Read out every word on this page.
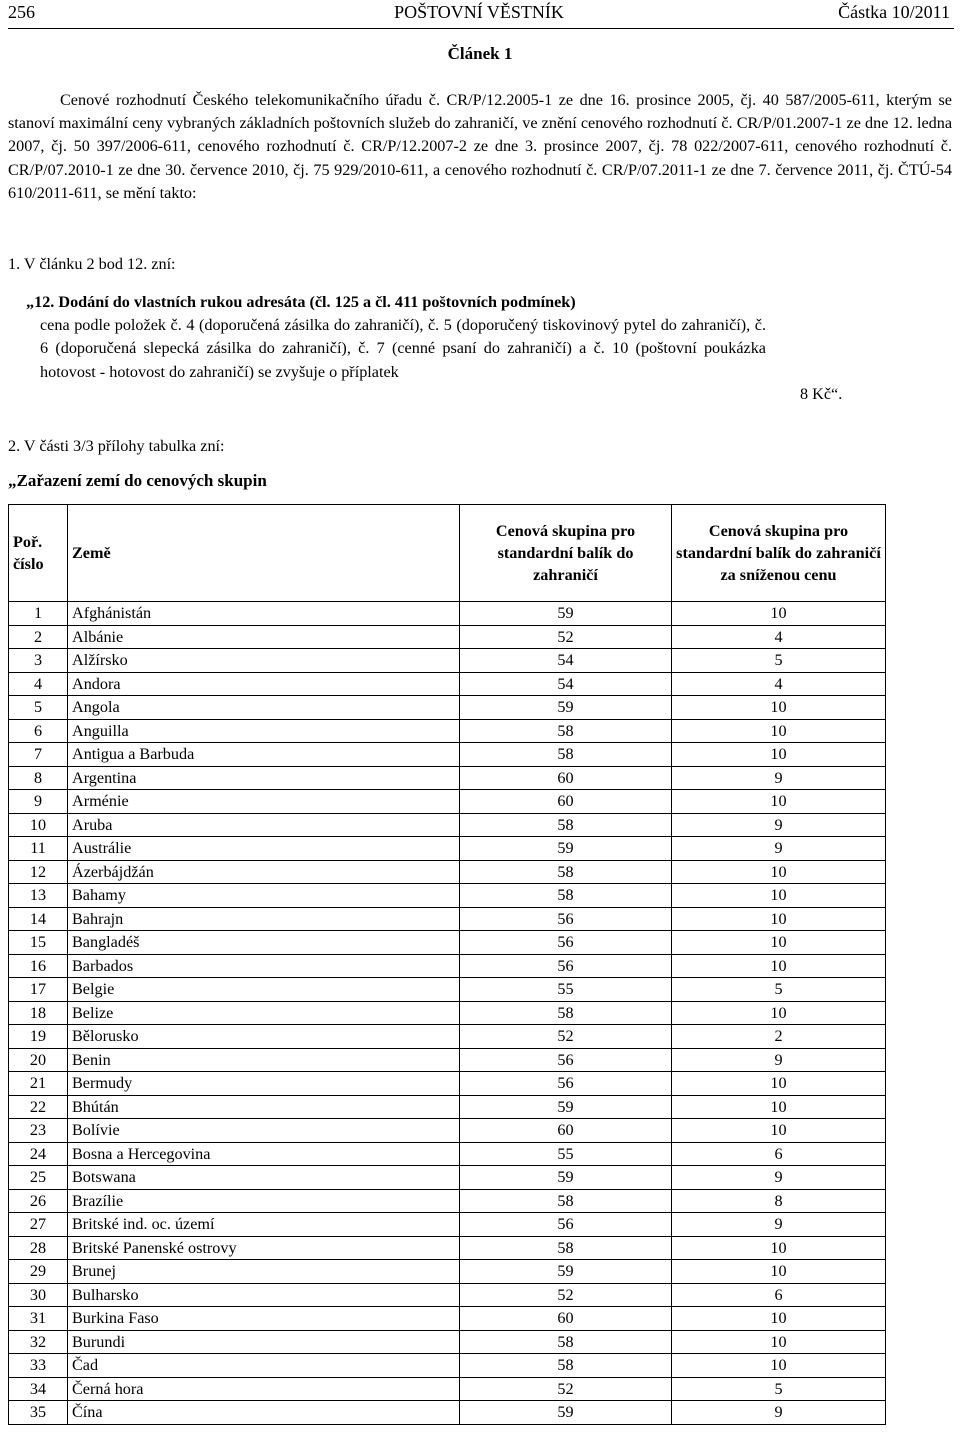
256	POŠTOVNÍ VĚSTNÍK	Částka 10/2011
Článek 1
Cenové rozhodnutí Českého telekomunikačního úřadu č. CR/P/12.2005-1 ze dne 16. prosince 2005, čj. 40 587/2005-611, kterým se stanoví maximální ceny vybraných základních poštovních služeb do zahraničí, ve znění cenového rozhodnutí č. CR/P/01.2007-1 ze dne 12. ledna 2007, čj. 50 397/2006-611, cenového rozhodnutí č. CR/P/12.2007-2 ze dne 3. prosince 2007, čj. 78 022/2007-611, cenového rozhodnutí č. CR/P/07.2010-1 ze dne 30. července 2010, čj. 75 929/2010-611, a cenového rozhodnutí č. CR/P/07.2011-1 ze dne 7. července 2011, čj. ČTÚ-54 610/2011-611, se mění takto:
1. V článku 2 bod 12. zní:
„12. Dodání do vlastních rukou adresáta (čl. 125 a čl. 411 poštovních podmínek)
cena podle položek č. 4 (doporučená zásilka do zahraničí), č. 5 (doporučený tiskovinový pytel do zahraničí), č. 6 (doporučená slepecká zásilka do zahraničí), č. 7 (cenné psaní do zahraničí) a č. 10 (poštovní poukázka hotovost - hotovost do zahraničí) se zvyšuje o příplatek
8 Kč“.
2. V části 3/3 přílohy tabulka zní:
„Zařazení zemí do cenových skupin
Poř. číslo	Země	Cenová skupina pro standardní balík do zahraničí	Cenová skupina pro standardní balík do zahraničí za sníženou cenu
1	Afghánistán	59	10
2	Albánie	52	4
3	Alžírsko	54	5
4	Andora	54	4
5	Angola	59	10
6	Anguilla	58	10
7	Antigua a Barbuda	58	10
8	Argentina	60	9
9	Arménie	60	10
10	Aruba	58	9
11	Austrálie	59	9
12	Ázerbájdžán	58	10
13	Bahamy	58	10
14	Bahrajn	56	10
15	Bangladéš	56	10
16	Barbados	56	10
17	Belgie	55	5
18	Belize	58	10
19	Bělorusko	52	2
20	Benin	56	9
21	Bermudy	56	10
22	Bhútán	59	10
23	Bolívie	60	10
24	Bosna a Hercegovina	55	6
25	Botswana	59	9
26	Brazílie	58	8
27	Britské ind. oc. území	56	9
28	Britské Panenské ostrovy	58	10
29	Brunej	59	10
30	Bulharsko	52	6
31	Burkina Faso	60	10
32	Burundi	58	10
33	Čad	58	10
34	Černá hora	52	5
35	Čína	59	9
